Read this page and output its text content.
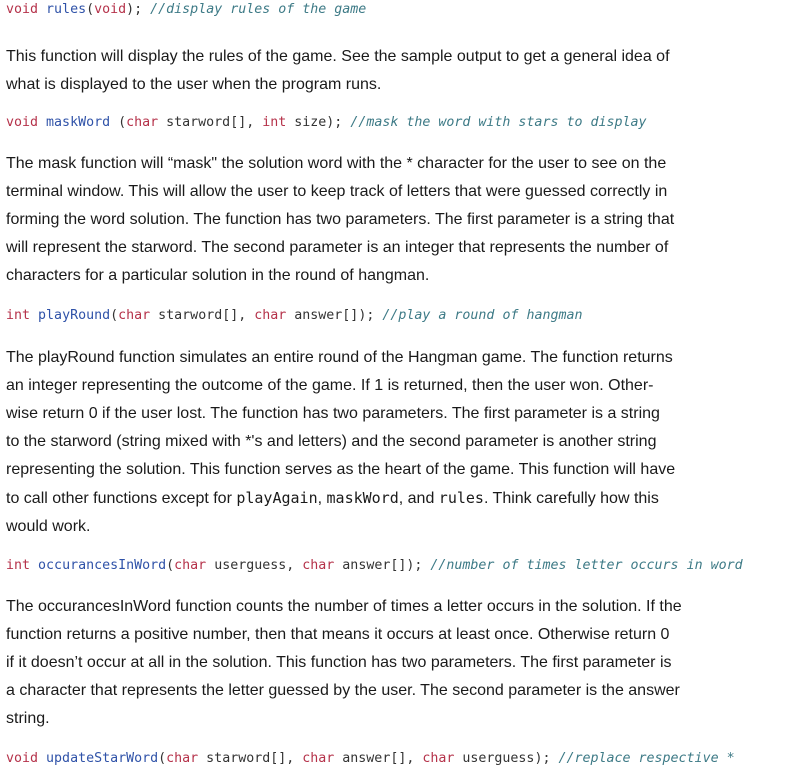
void rules(void); //display rules of the game
This function will display the rules of the game. See the sample output to get a general idea of
what is displayed to the user when the program runs.
void maskWord (char starword[], int size); //mask the word with stars to display
The mask function will “mask" the solution word with the * character for the user to see on the
terminal window. This will allow the user to keep track of letters that were guessed correctly in
forming the word solution. The function has two parameters. The first parameter is a string that
will represent the starword. The second parameter is an integer that represents the number of
characters for a particular solution in the round of hangman.
int playRound(char starword[], char answer[]); //play a round of hangman
The playRound function simulates an entire round of the Hangman game. The function returns
an integer representing the outcome of the game. If 1 is returned, then the user won. Other-
wise return 0 if the user lost. The function has two parameters. The first parameter is a string
to the starword (string mixed with *'s and letters) and the second parameter is another string
representing the solution. This function serves as the heart of the game. This function will have
to call other functions except for playAgain, maskWord, and rules. Think carefully how this
would work.
int occurancesInWord(char userguess, char answer[]); //number of times letter occurs in word
The occurancesInWord function counts the number of times a letter occurs in the solution. If the
function returns a positive number, then that means it occurs at least once. Otherwise return 0
if it doesn’t occur at all in the solution. This function has two parameters. The first parameter is
a character that represents the letter guessed by the user. The second parameter is the answer
string.
void updateStarWord(char starword[], char answer[], char userguess); //replace respective *
